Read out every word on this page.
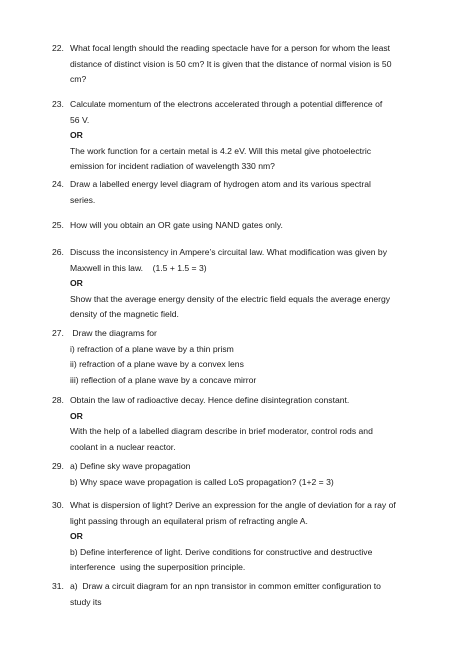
22. What focal length should the reading spectacle have for a person for whom the least
distance of distinct vision is 50 cm? It is given that the distance of normal vision is 50
cm?
23. Calculate momentum of the electrons accelerated through a potential difference of
56 V.
OR
The work function for a certain metal is 4.2 eV. Will this metal give photoelectric
emission for incident radiation of wavelength 330 nm?
24. Draw a labelled energy level diagram of hydrogen atom and its various spectral
series.
25. How will you obtain an OR gate using NAND gates only.
26. Discuss the inconsistency in Ampere’s circuital law. What modification was given by
Maxwell in this law.    (1.5 + 1.5 = 3)
OR
Show that the average energy density of the electric field equals the average energy
density of the magnetic field.
27. Draw the diagrams for
i) refraction of a plane wave by a thin prism
ii) refraction of a plane wave by a convex lens
iii) reflection of a plane wave by a concave mirror
28. Obtain the law of radioactive decay. Hence define disintegration constant.
OR
With the help of a labelled diagram describe in brief moderator, control rods and
coolant in a nuclear reactor.
29. a) Define sky wave propagation
b) Why space wave propagation is called LoS propagation? (1+2 = 3)
30. What is dispersion of light? Derive an expression for the angle of deviation for a ray of
light passing through an equilateral prism of refracting angle A.
OR
b) Define interference of light. Derive conditions for constructive and destructive
interference  using the superposition principle.
31. a)  Draw a circuit diagram for an npn transistor in common emitter configuration to
study its
